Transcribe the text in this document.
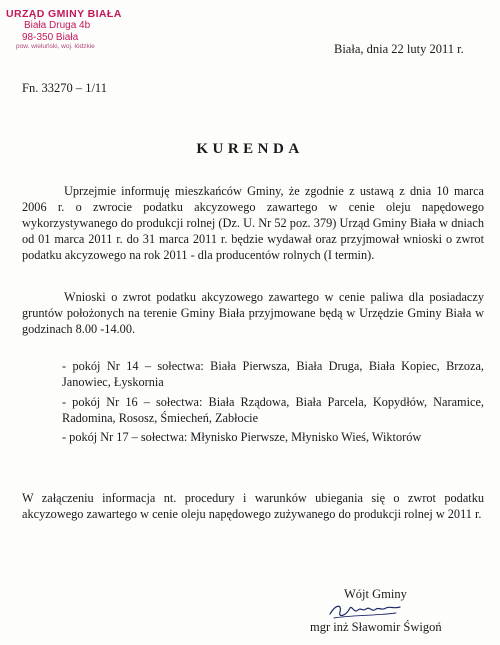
URZĄD GMINY BIAŁA
Biała Druga 4b
98-350 Biała
pow. wieluński, woj. łódzkie	Biała, dnia 22 luty 2011 r.
Fn. 33270 – 1/11
KURENDA
Uprzejmie informuję mieszkańców Gminy, że zgodnie z ustawą z dnia 10 marca 2006 r. o zwrocie podatku akcyzowego zawartego w cenie oleju napędowego wykorzystywanego do produkcji rolnej (Dz. U. Nr 52 poz. 379) Urząd Gminy Biała w dniach od 01 marca 2011 r. do 31 marca 2011 r. będzie wydawał oraz przyjmował wnioski o zwrot podatku akcyzowego na rok 2011 - dla producentów rolnych (I termin).
Wnioski o zwrot podatku akcyzowego zawartego w cenie paliwa dla posiadaczy gruntów położonych na terenie Gminy Biała przyjmowane będą w Urzędzie Gminy Biała w godzinach 8.00 -14.00.
- pokój Nr 14 – sołectwa: Biała Pierwsza, Biała Druga, Biała Kopiec, Brzoza, Janowiec, Łyskornia
- pokój Nr 16 – sołectwa: Biała Rządowa, Biała Parcela, Kopydłów, Naramice, Radomina, Rososz, Śmiecheń, Zabłocie
- pokój Nr 17 – sołectwa: Młynisko Pierwsze, Młynisko Wieś, Wiktorów
W załączeniu informacja nt. procedury i warunków ubiegania się o zwrot podatku akcyzowego zawartego w cenie oleju napędowego zużywanego do produkcji rolnej w 2011 r.
Wójt Gminy
mgr inż Sławomir Świgoń
